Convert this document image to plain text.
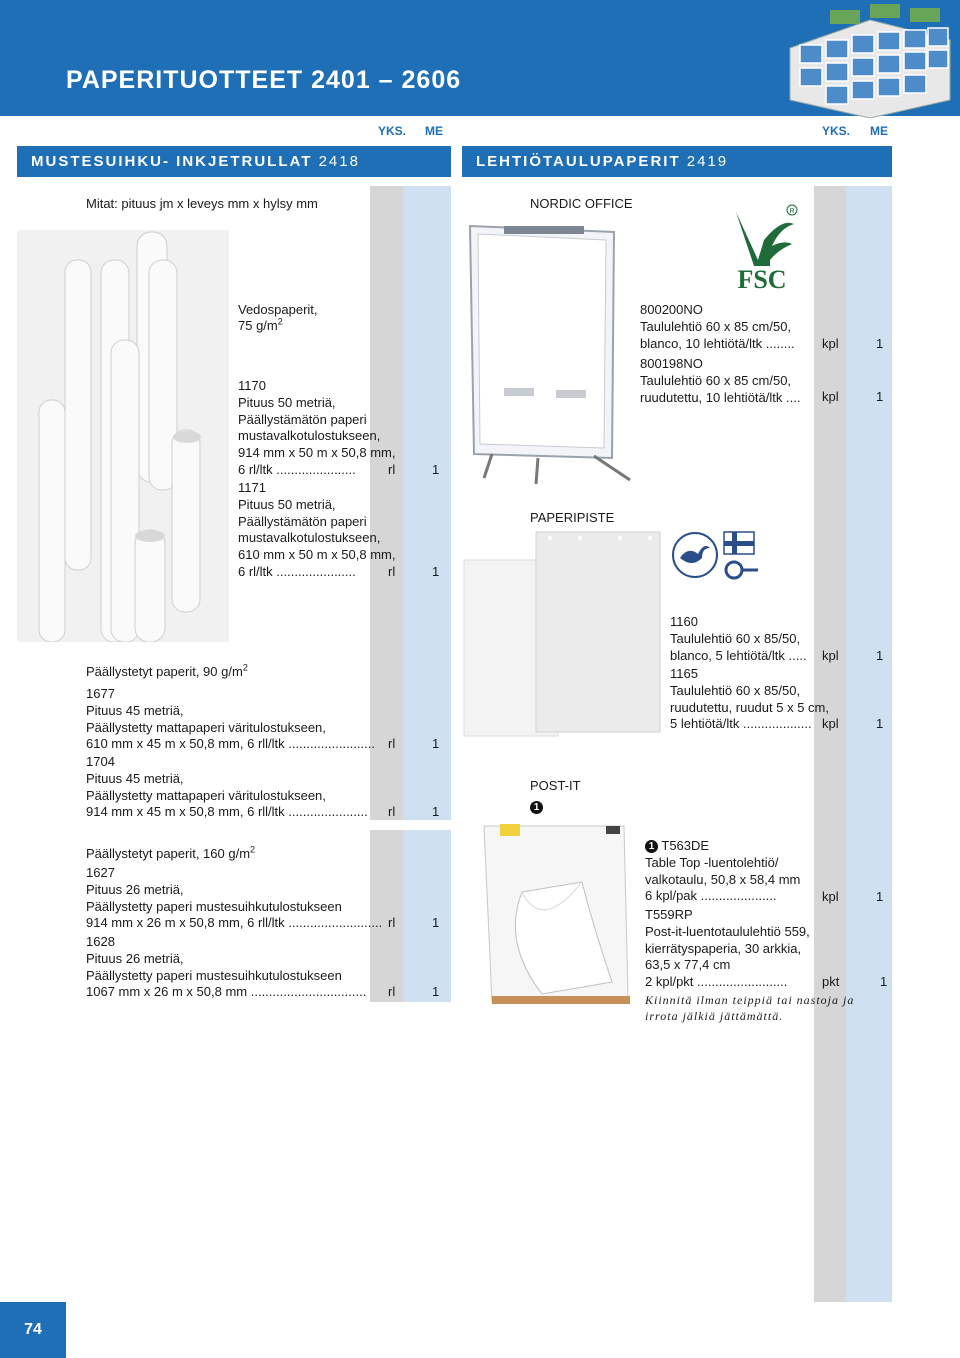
PAPERITUOTTEET 2401 – 2606
YKS. ME	YKS. ME
MUSTESUIHKU- INKJETRULLAT 2418	LEHTIÖTAULUPAPERIT 2419
Mitat: pituus jm x leveys mm x hylsy mm	NORDIC OFFICE
Vedospaperit,
75 $g/m^2$
1170
Pituus 50 metriä,
Päällystämätön paperi
mustavalkotulostukseen,
914 mm x 50 m x 50,8 mm,
6 rl/ltk ......................	rl	1
1171
Pituus 50 metriä,
Päällystämätön paperi
mustavalkotulostukseen,
610 mm x 50 m x 50,8 mm,
6 rl/ltk ......................	rl	1
Päällystetyt paperit, 90 $g/m^2$
1677
Pituus 45 metriä,
Päällystetty mattapaperi väritulostukseen,
610 mm x 45 m x 50,8 mm, 6 rll/ltk ........................ rl	1
1704
Pituus 45 metriä,
Päällystetty mattapaperi väritulostukseen,
914 mm x 45 m x 50,8 mm, 6 rll/ltk ...................... rl	1
Päällystetyt paperit, 160 $g/m^2$
1627
Pituus 26 metriä,
Päällystetty paperi mustesuihkutulostukseen
914 mm x 26 m x 50,8 mm, 6 rll/ltk .......................... rl	1
1628
Pituus 26 metriä,
Päällystetty paperi mustesuihkutulostukseen
1067 mm x 26 m x 50,8 mm ................................ rl	1
FSC
R
800200NO
Taululehtiö 60 x 85 cm/50,
blanco, 10 lehtiötä/ltk ........ kpl	1
800198NO
Taululehtiö 60 x 85 cm/50,
ruudutettu, 10 lehtiötä/ltk .... kpl	1
PAPERIPISTE
1160
Taululehtiö 60 x 85/50,
blanco, 5 lehtiötä/ltk ..... kpl	1
1165
Taululehtiö 60 x 85/50,
ruudutettu, ruudut 5 x 5 cm,
5 lehtiötä/ltk ................... kpl	1
POST-IT
1
1 T563DE
Table Top -luentolehtiö/
valkotaulu, 50,8 x 58,4 mm
6 kpl/pak .....................	kpl	1
T559RP
Post-it-luentotaululehtiö 559,
kierrätyspaperia, 30 arkkia,
63,5 x 77,4 cm
2 kpl/pkt .........................	pkt	1
Kiinnitä ilman teippiä tai nastoja ja
irrota jälkiä jättämättä.
74
